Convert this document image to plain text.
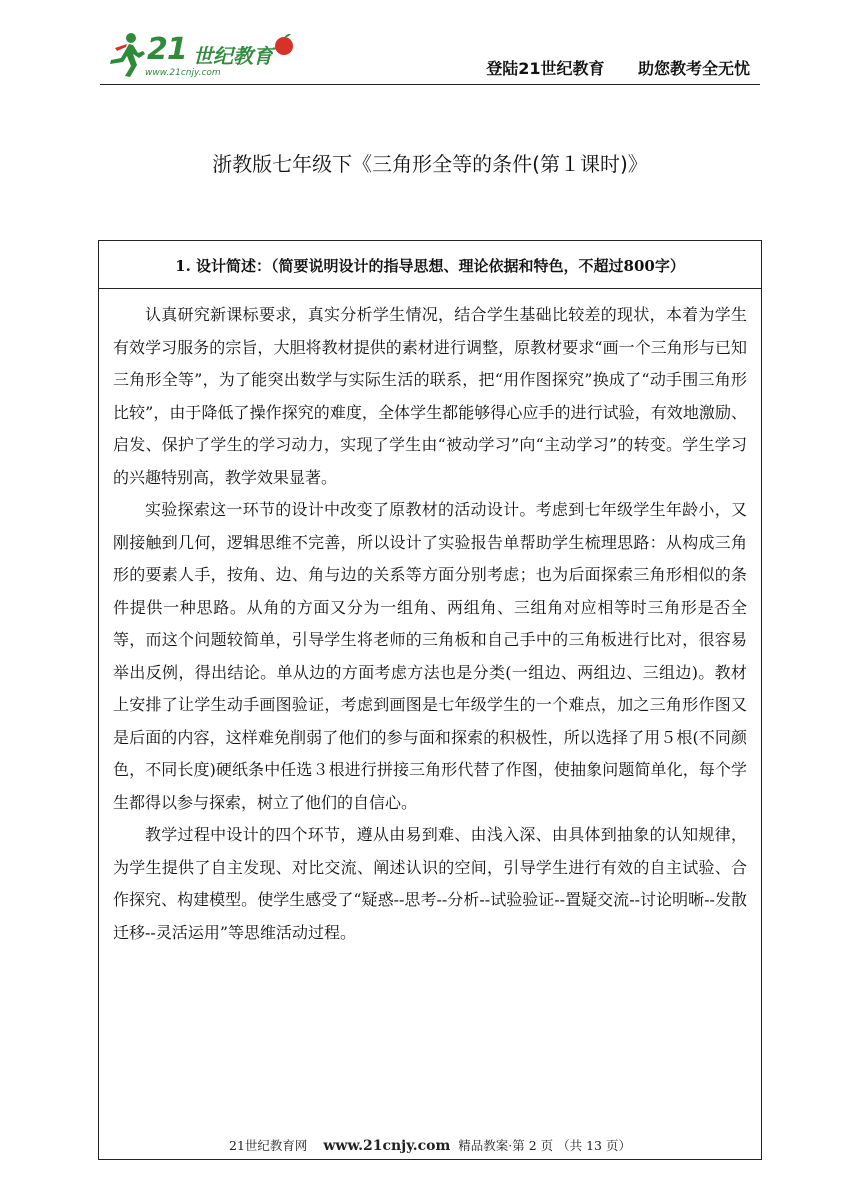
21 世纪教育
www.21cnjy.com	登陆21世纪教育 助您教考全无忧
浙教版七年级下《三角形全等的条件(第１课时)》
1. 设计简述：（简要说明设计的指导思想、理论依据和特色，不超过800字）

认真研究新课标要求，真实分析学生情况，结合学生基础比较差的现状，本着为学生有效学习服务的宗旨，大胆将教材提供的素材进行调整，原教材要求“画一个三角形与已知三角形全等”，为了能突出数学与实际生活的联系，把“用作图探究”换成了“动手围三角形比较”，由于降低了操作探究的难度，全体学生都能够得心应手的进行试验，有效地激励、启发、保护了学生的学习动力，实现了学生由“被动学习”向“主动学习”的转变。学生学习的兴趣特别高，教学效果显著。

实验探索这一环节的设计中改变了原教材的活动设计。考虑到七年级学生年龄小，又刚接触到几何，逻辑思维不完善，所以设计了实验报告单帮助学生梳理思路：从构成三角形的要素人手，按角、边、角与边的关系等方面分别考虑；也为后面探索三角形相似的条件提供一种思路。从角的方面又分为一组角、两组角、三组角对应相等时三角形是否全等，而这个问题较简单，引导学生将老师的三角板和自己手中的三角板进行比对，很容易举出反例，得出结论。单从边的方面考虑方法也是分类(一组边、两组边、三组边)。教材上安排了让学生动手画图验证，考虑到画图是七年级学生的一个难点，加之三角形作图又是后面的内容，这样难免削弱了他们的参与面和探索的积极性，所以选择了用５根(不同颜色，不同长度)硬纸条中任选３根进行拼接三角形代替了作图，使抽象问题简单化，每个学生都得以参与探索，树立了他们的自信心。

教学过程中设计的四个环节，遵从由易到难、由浅入深、由具体到抽象的认知规律，为学生提供了自主发现、对比交流、阐述认识的空间，引导学生进行有效的自主试验、合作探究、构建模型。使学生感受了“疑惑--思考--分析--试验验证--置疑交流--讨论明晰--发散迁移--灵活运用”等思维活动过程。

21世纪教育网 www.21cnjy.com 精品教案·第 2 页 （共 13 页）
